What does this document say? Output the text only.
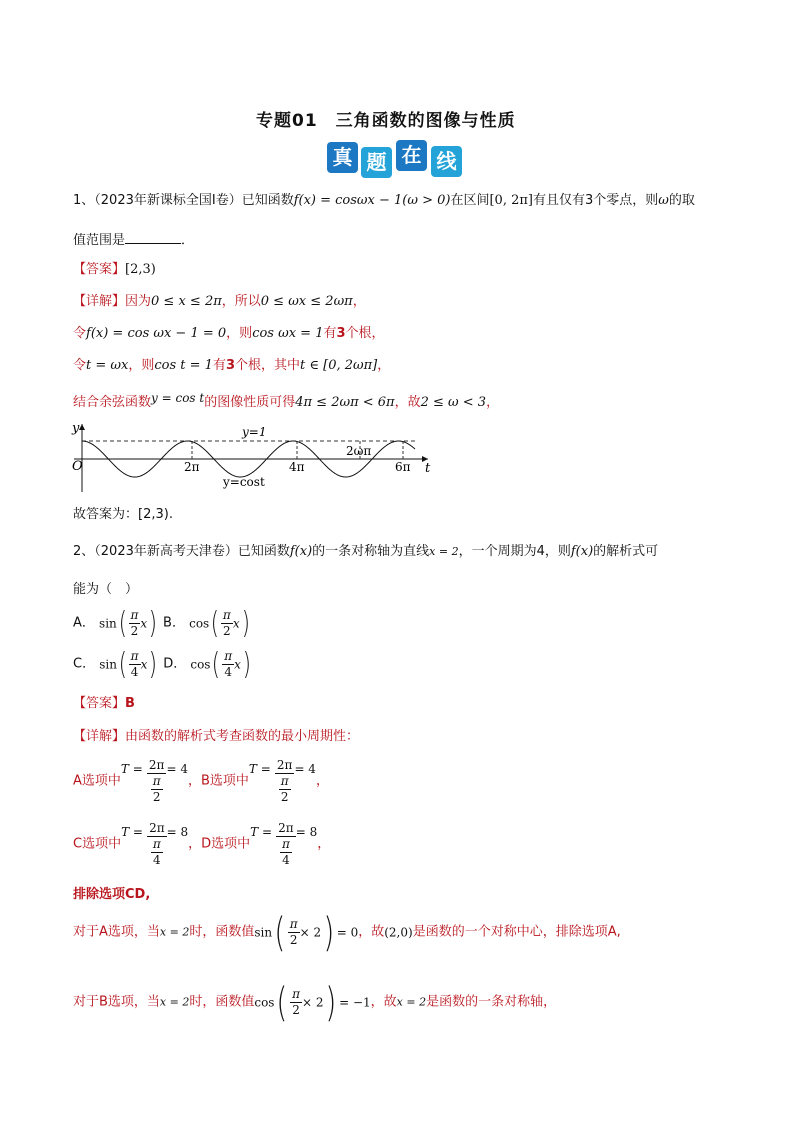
专题01　三角函数的图像与性质
真 题 在 线
1、（2023年新课标全国Ⅰ卷）已知函数f(x) = cosωx − 1(ω > 0)在区间[0, 2π]有且仅有3个零点，则ω的取
值范围是	．
【答案】[2,3)
【详解】因为0 ≤ x ≤ 2π，所以0 ≤ ωx ≤ 2ωπ，
令f(x) = cos ωx − 1 = 0，则cos ωx = 1有3个根，
令t = ωx，则cos t = 1有3个根，其中t ∈ [0, 2ωπ]，
结合余弦函数y = cos t的图像性质可得4π ≤ 2ωπ < 6π，故2 ≤ ω < 3，
y
t
O
y=1
y=cost
2π	4π	6π
2ωπ
故答案为：[2,3).
2、（2023年新高考天津卷）已知函数f(x)的一条对称轴为直线x = 2，一个周期为4，则f(x)的解析式可
能为（　）
A． $\sin( \frac{\pi}{2} x)$ B． $\cos( \frac{\pi}{2} x)$
C． $\sin( \frac{\pi}{4} x)$ D． $\cos( \frac{\pi}{4} x)$
【答案】B
【详解】由函数的解析式考查函数的最小周期性：
A选项中$T = \frac{2\pi}{\frac{\pi}{2}} = 4$，B选项中$T = \frac{2\pi}{\frac{\pi}{2}} = 4$，
C选项中$T = \frac{2\pi}{\frac{\pi}{4}} = 8$，D选项中$T = \frac{2\pi}{\frac{\pi}{4}} = 8$，
排除选项CD,
对于A选项，当x = 2时，函数值$\sin( \frac{\pi}{2} \times 2) = 0$，故(2,0)是函数的一个对称中心，排除选项A,
对于B选项，当x = 2时，函数值$\cos( \frac{\pi}{2} \times 2) = -1$，故x = 2是函数的一条对称轴，
